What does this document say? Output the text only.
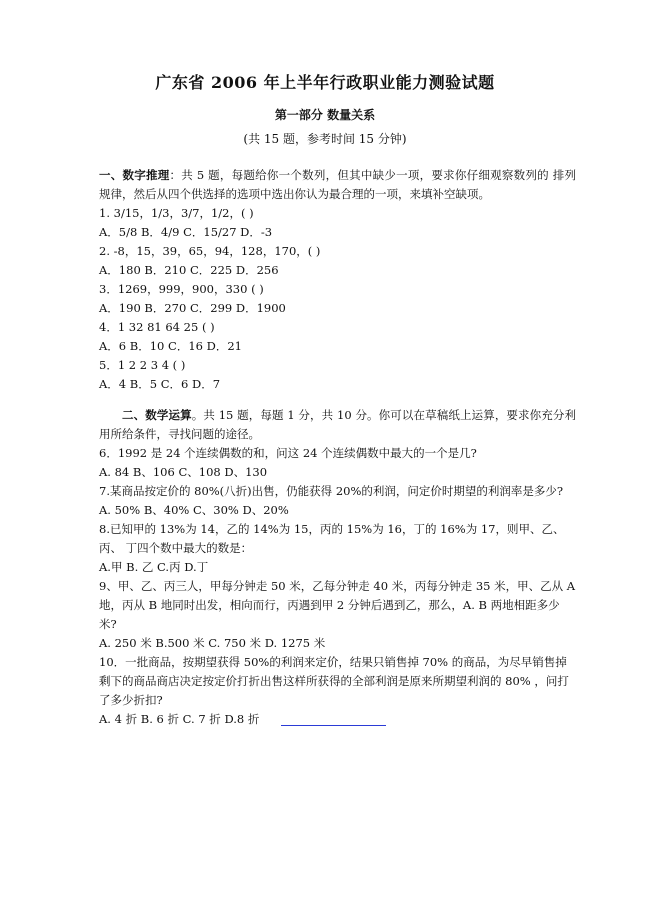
广东省 2006 年上半年行政职业能力测验试题
第一部分 数量关系
(共 15 题，参考时间 15 分钟)

一、数字推理：共 5 题，每题给你一个数列，但其中缺少一项，要求你仔细观察数列的 排列规律，然后从四个供选择的选项中选出你认为最合理的一项，来填补空缺项。

1. 3/15，1/3，3/7，1/2，( )

A．5/8 B．4/9 C．15/27 D．-3

2. -8，15，39，65，94，128，170，( )

A．180 B．210 C．225 D．256

3．1269，999，900，330 ( )

A．190 B．270 C．299 D．1900

4．1 32 81 64 25 ( )

A．6 B．10 C．16 D．21

5．1 2 2 3 4 ( )

A．4 B．5 C．6 D．7

二、数学运算。共 15 题，每题 1 分，共 10 分。你可以在草稿纸上运算，要求你充分利用所给条件，寻找问题的途径。

6．1992 是 24 个连续偶数的和，问这 24 个连续偶数中最大的一个是几?

A. 84 B、106 C、108 D、130

7.某商品按定价的 80%(八折)出售，仍能获得 20%的利润，问定价时期望的利润率是多少?

A. 50% B、40% C、30% D、20%

8.已知甲的 13%为 14，乙的 14%为 15，丙的 15%为 16，丁的 16%为 17，则甲、乙、丙、 丁四个数中最大的数是：

A.甲 B. 乙 C.丙 D.丁

9、甲、乙、丙三人，甲每分钟走 50 米，乙每分钟走 40 米，丙每分钟走 35 米，甲、乙从 A 地，丙从 B 地同时出发，相向而行，丙遇到甲 2 分钟后遇到乙，那么，A. B 两地相距多少 米?

A. 250 米 B.500 米 C. 750 米 D. 1275 米

10．一批商品，按期望获得 50%的利润来定价，结果只销售掉 70% 的商品，为尽早销售掉剩下的商品商店决定按定价打折出售这样所获得的全部利润是原来所期望利润的 80% ，问打了多少折扣?

A. 4 折 B. 6 折 C. 7 折 D.8 折
